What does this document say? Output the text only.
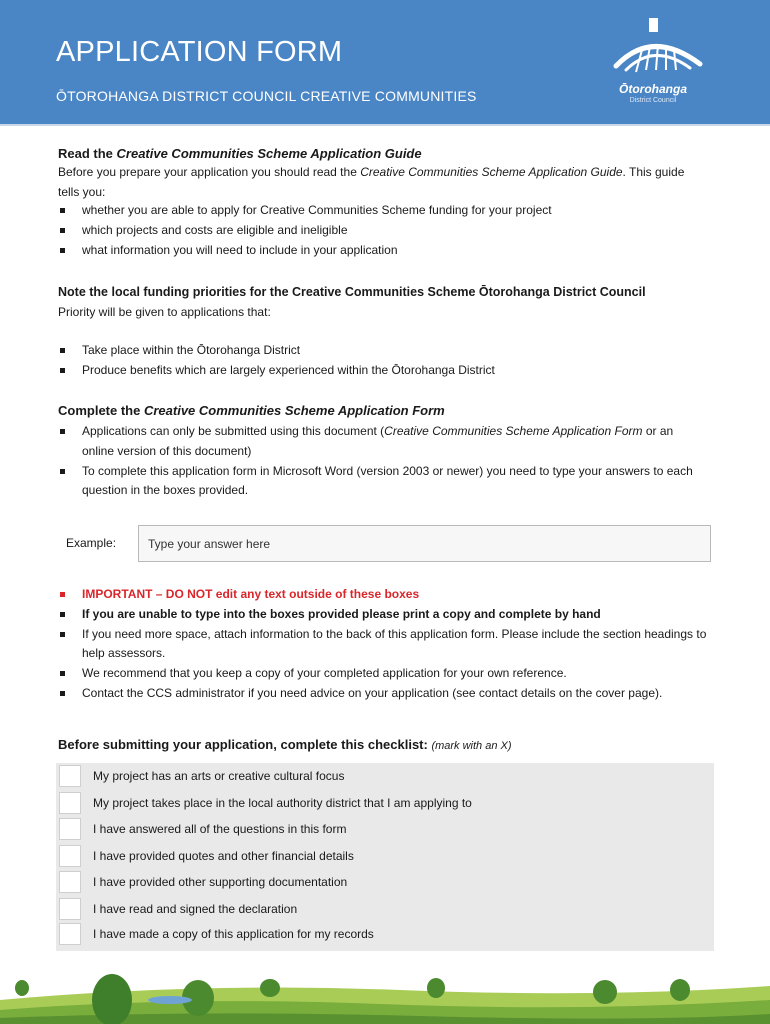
APPLICATION FORM
ŌTOROHANGA DISTRICT COUNCIL CREATIVE COMMUNITIES	Ōtorohanga
District Council
Read the Creative Communities Scheme Application Guide
Before you prepare your application you should read the Creative Communities Scheme Application Guide. This guide tells you:
whether you are able to apply for Creative Communities Scheme funding for your project
which projects and costs are eligible and ineligible
what information you will need to include in your application
Note the local funding priorities for the Creative Communities Scheme Ōtorohanga District Council
Priority will be given to applications that:
Take place within the Ōtorohanga District
Produce benefits which are largely experienced within the Ōtorohanga District
Complete the Creative Communities Scheme Application Form
Applications can only be submitted using this document (Creative Communities Scheme Application Form or an online version of this document)
To complete this application form in Microsoft Word (version 2003 or newer) you need to type your answers to each question in the boxes provided.
Example:	Type your answer here
IMPORTANT – DO NOT edit any text outside of these boxes
If you are unable to type into the boxes provided please print a copy and complete by hand
If you need more space, attach information to the back of this application form. Please include the section headings to help assessors.
We recommend that you keep a copy of your completed application for your own reference.
Contact the CCS administrator if you need advice on your application (see contact details on the cover page).
Before submitting your application, complete this checklist: (mark with an X)
My project has an arts or creative cultural focus
My project takes place in the local authority district that I am applying to
I have answered all of the questions in this form
I have provided quotes and other financial details
I have provided other supporting documentation
I have read and signed the declaration
I have made a copy of this application for my records
